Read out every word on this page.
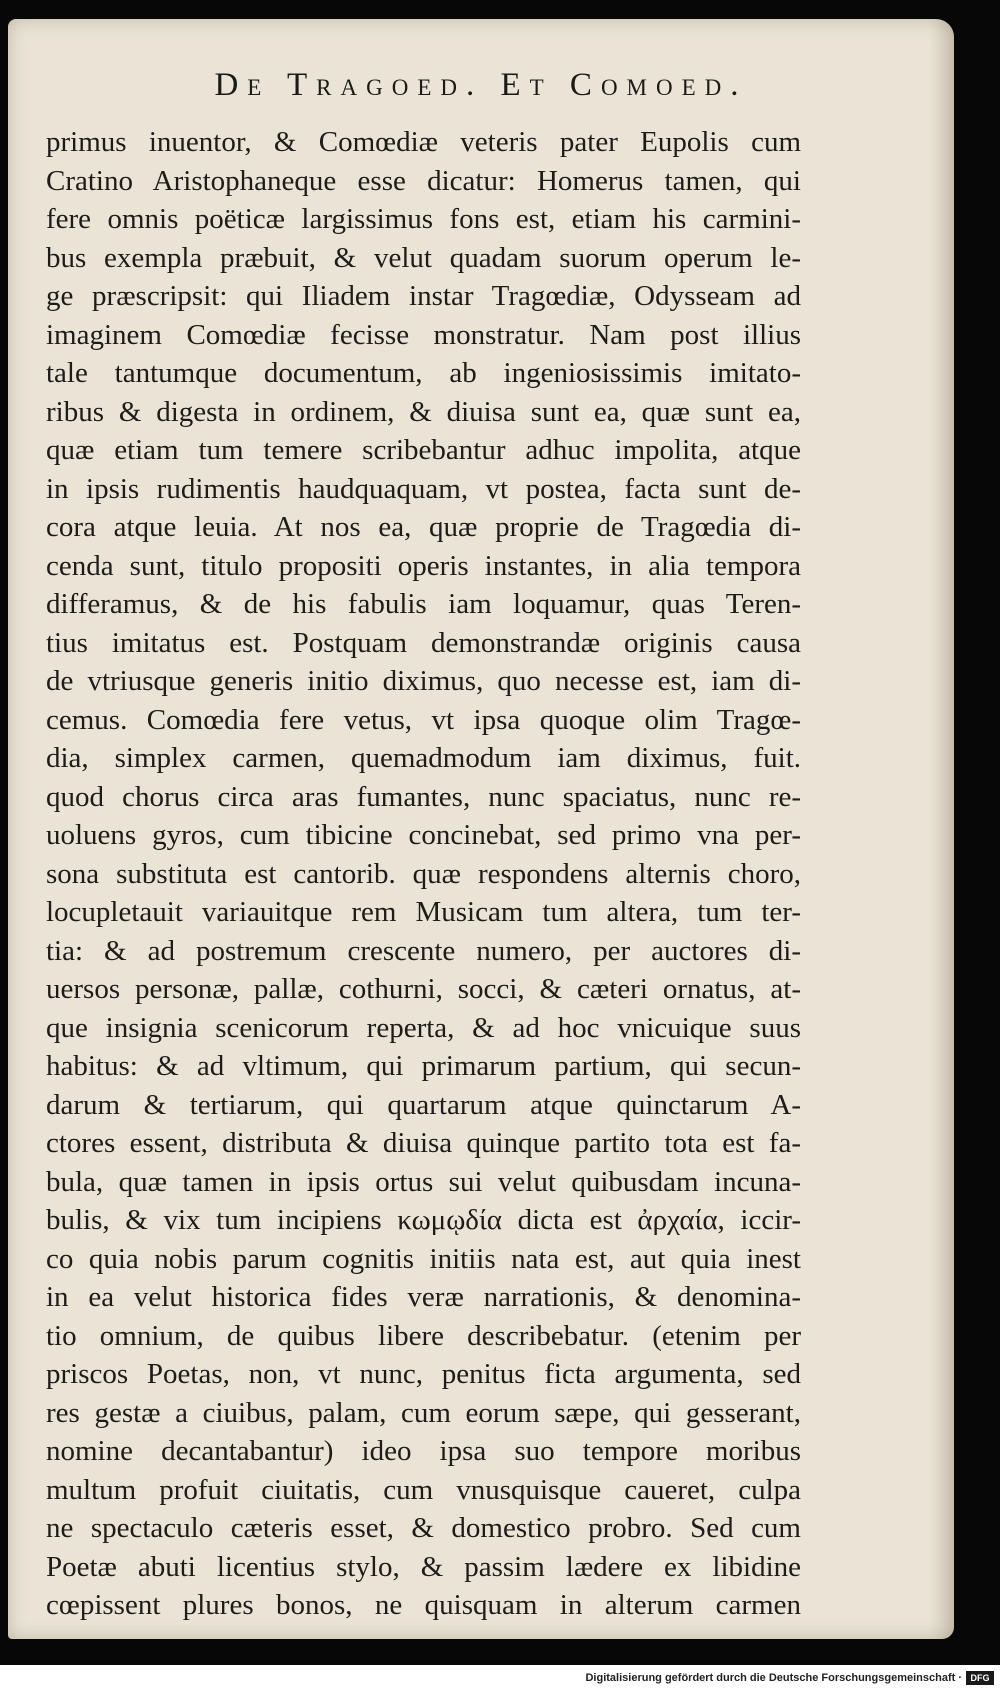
De Tragoed. Et Comoed.
primus inuentor, & Comœdiæ veteris pater Eupolis cum
Cratino Aristophaneque esse dicatur: Homerus tamen, qui
fere omnis poëticæ largissimus fons est, etiam his carmini-
bus exempla præbuit, & velut quadam suorum operum le-
ge præscripsit: qui Iliadem instar Tragœdiæ, Odysseam ad
imaginem Comœdiæ fecisse monstratur. Nam post illius
tale tantumque documentum, ab ingeniosissimis imitato-
ribus & digesta in ordinem, & diuisa sunt ea, quæ sunt ea,
quæ etiam tum temere scribebantur adhuc impolita, atque
in ipsis rudimentis haudquaquam, vt postea, facta sunt de-
cora atque leuia. At nos ea, quæ proprie de Tragœdia di-
cenda sunt, titulo propositi operis instantes, in alia tempora
differamus, & de his fabulis iam loquamur, quas Teren-
tius imitatus est. Postquam demonstrandæ originis causa
de vtriusque generis initio diximus, quo necesse est, iam di-
cemus. Comœdia fere vetus, vt ipsa quoque olim Tragœ-
dia, simplex carmen, quemadmodum iam diximus, fuit.
quod chorus circa aras fumantes, nunc spaciatus, nunc re-
uoluens gyros, cum tibicine concinebat, sed primo vna per-
sona substituta est cantorib. quæ respondens alternis choro,
locupletauit variauitque rem Musicam tum altera, tum ter-
tia: & ad postremum crescente numero, per auctores di-
uersos personæ, pallæ, cothurni, socci, & cæteri ornatus, at-
que insignia scenicorum reperta, & ad hoc vnicuique suus
habitus: & ad vltimum, qui primarum partium, qui secun-
darum & tertiarum, qui quartarum atque quinctarum A-
ctores essent, distributa & diuisa quinque partito tota est fa-
bula, quæ tamen in ipsis ortus sui velut quibusdam incuna-
bulis, & vix tum incipiens κωμῳδία dicta est ἀρχαία, iccir-
co quia nobis parum cognitis initiis nata est, aut quia inest
in ea velut historica fides veræ narrationis, & denomina-
tio omnium, de quibus libere describebatur. (etenim per
priscos Poetas, non, vt nunc, penitus ficta argumenta, sed
res gestæ a ciuibus, palam, cum eorum sæpe, qui gesserant,
nomine decantabantur) ideo ipsa suo tempore moribus
multum profuit ciuitatis, cum vnusquisque caueret, culpa
ne spectaculo cæteris esset, & domestico probro. Sed cum
Poetæ abuti licentius stylo, & passim lædere ex libidine
cœpissent plures bonos, ne quisquam in alterum carmen
Digitalisierung gefördert durch die Deutsche Forschungsgemeinschaft · DFG
